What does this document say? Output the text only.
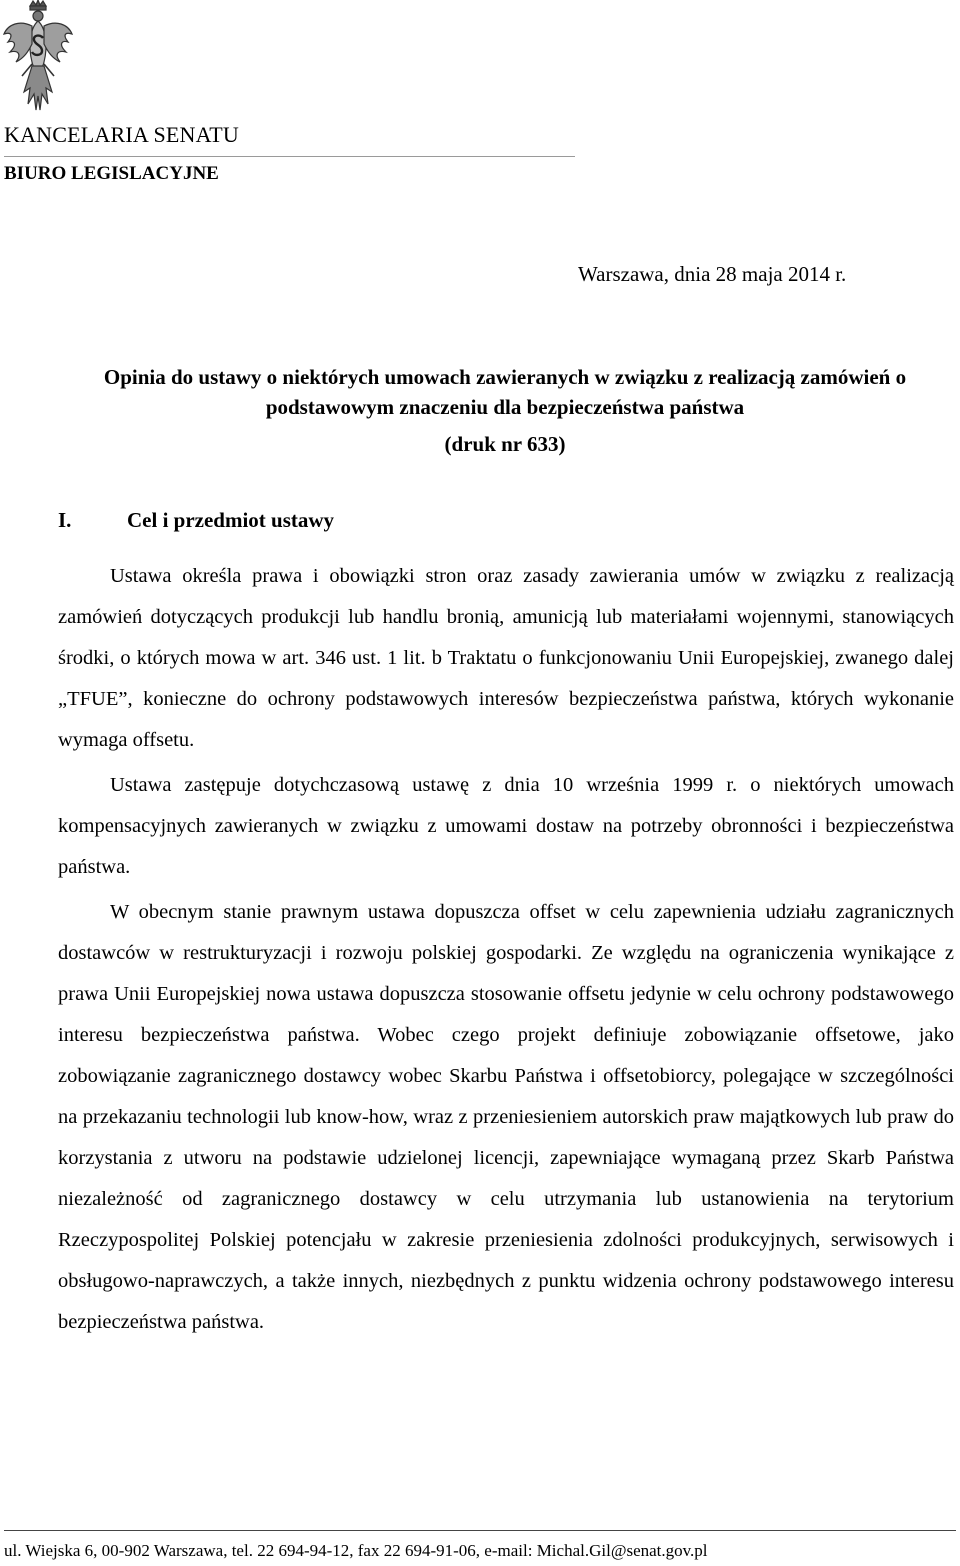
KANCELARIA SENATU
BIURO LEGISLACYJNE
Warszawa, dnia 28 maja 2014 r.
Opinia do ustawy o niektórych umowach zawieranych w związku z realizacją zamówień o podstawowym znaczeniu dla bezpieczeństwa państwa
(druk nr 633)
I.	Cel i przedmiot ustawy

Ustawa określa prawa i obowiązki stron oraz zasady zawierania umów w związku z realizacją zamówień dotyczących produkcji lub handlu bronią, amunicją lub materiałami wojennymi, stanowiących środki, o których mowa w art. 346 ust. 1 lit. b Traktatu o funkcjonowaniu Unii Europejskiej, zwanego dalej „TFUE”, konieczne do ochrony podstawowych interesów bezpieczeństwa państwa, których wykonanie wymaga offsetu.

Ustawa zastępuje dotychczasową ustawę z dnia 10 września 1999 r. o niektórych umowach kompensacyjnych zawieranych w związku z umowami dostaw na potrzeby obronności i bezpieczeństwa państwa.

W obecnym stanie prawnym ustawa dopuszcza offset w celu zapewnienia udziału zagranicznych dostawców w restrukturyzacji i rozwoju polskiej gospodarki. Ze względu na ograniczenia wynikające z prawa Unii Europejskiej nowa ustawa dopuszcza stosowanie offsetu jedynie w celu ochrony podstawowego interesu bezpieczeństwa państwa. Wobec czego projekt definiuje zobowiązanie offsetowe, jako zobowiązanie zagranicznego dostawcy wobec Skarbu Państwa i offsetobiorcy, polegające w szczególności na przekazaniu technologii lub know-how, wraz z przeniesieniem autorskich praw majątkowych lub praw do korzystania z utworu na podstawie udzielonej licencji, zapewniające wymaganą przez Skarb Państwa niezależność od zagranicznego dostawcy w celu utrzymania lub ustanowienia na terytorium Rzeczypospolitej Polskiej potencjału w zakresie przeniesienia zdolności produkcyjnych, serwisowych i obsługowo-naprawczych, a także innych, niezbędnych z punktu widzenia ochrony podstawowego interesu bezpieczeństwa państwa.

ul. Wiejska 6, 00-902 Warszawa, tel. 22 694-94-12, fax 22 694-91-06, e-mail: Michal.Gil@senat.gov.pl
